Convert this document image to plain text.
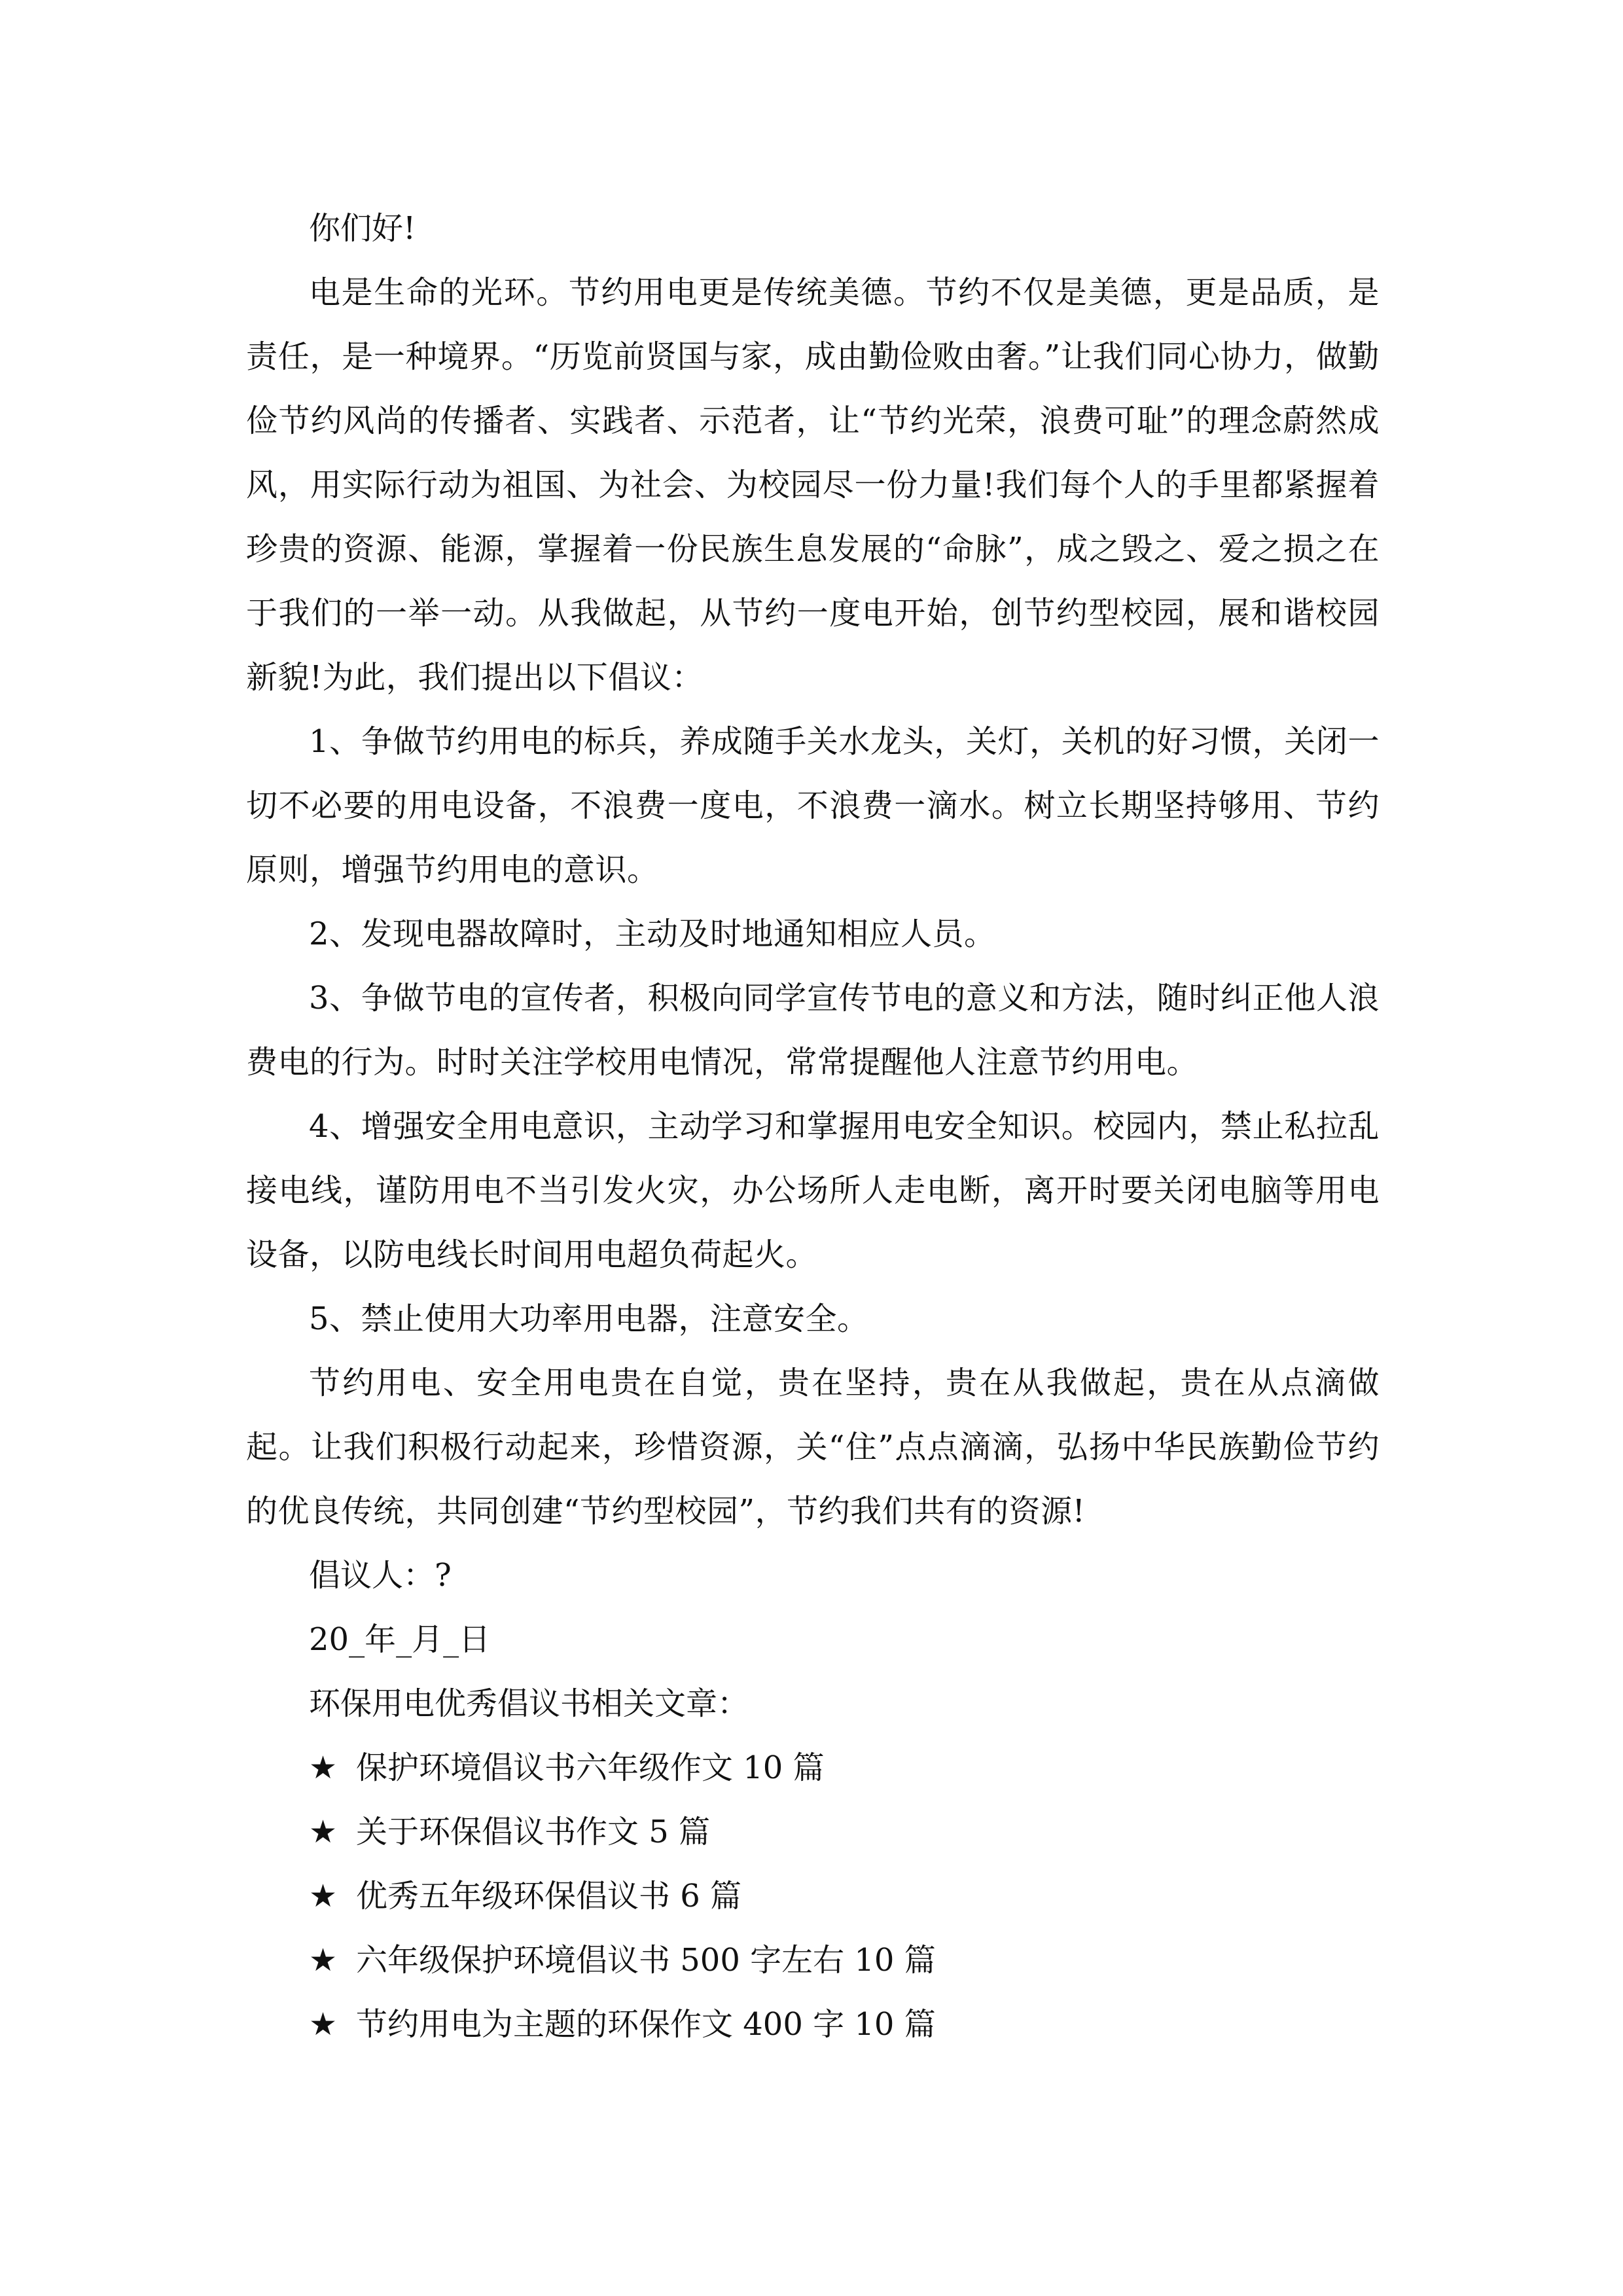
你们好!

电是生命的光环。节约用电更是传统美德。节约不仅是美德，更是品质，是责任，是一种境界。“历览前贤国与家，成由勤俭败由奢。”让我们同心协力，做勤俭节约风尚的传播者、实践者、示范者，让“节约光荣，浪费可耻”的理念蔚然成风，用实际行动为祖国、为社会、为校园尽一份力量!我们每个人的手里都紧握着珍贵的资源、能源，掌握着一份民族生息发展的“命脉”，成之毁之、爱之损之在于我们的一举一动。从我做起，从节约一度电开始，创节约型校园，展和谐校园新貌!为此，我们提出以下倡议：

1、争做节约用电的标兵，养成随手关水龙头，关灯，关机的好习惯，关闭一切不必要的用电设备，不浪费一度电，不浪费一滴水。树立长期坚持够用、节约原则，增强节约用电的意识。

2、发现电器故障时，主动及时地通知相应人员。

3、争做节电的宣传者，积极向同学宣传节电的意义和方法，随时纠正他人浪费电的行为。时时关注学校用电情况，常常提醒他人注意节约用电。

4、增强安全用电意识，主动学习和掌握用电安全知识。校园内，禁止私拉乱接电线，谨防用电不当引发火灾，办公场所人走电断，离开时要关闭电脑等用电设备，以防电线长时间用电超负荷起火。

5、禁止使用大功率用电器，注意安全。

节约用电、安全用电贵在自觉，贵在坚持，贵在从我做起，贵在从点滴做起。让我们积极行动起来，珍惜资源，关“住”点点滴滴，弘扬中华民族勤俭节约的优良传统，共同创建“节约型校园”，节约我们共有的资源!

倡议人：?

20_年_月_日

环保用电优秀倡议书相关文章：

★ 保护环境倡议书六年级作文 10 篇
★ 关于环保倡议书作文 5 篇
★ 优秀五年级环保倡议书 6 篇
★ 六年级保护环境倡议书 500 字左右 10 篇
★ 节约用电为主题的环保作文 400 字 10 篇
